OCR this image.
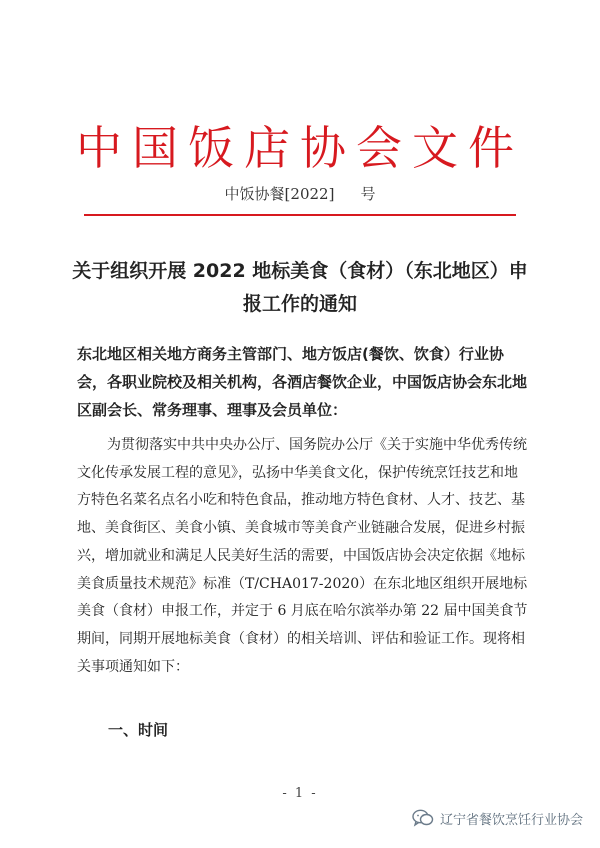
中国饭店协会文件
中饭协餐[2022] 号
关于组织开展 2022 地标美食（食材）（东北地区）申报工作的通知
东北地区相关地方商务主管部门、地方饭店(餐饮、饮食）行业协会，各职业院校及相关机构，各酒店餐饮企业，中国饭店协会东北地区副会长、常务理事、理事及会员单位：
为贯彻落实中共中央办公厅、国务院办公厅《关于实施中华优秀传统文化传承发展工程的意见》，弘扬中华美食文化，保护传统烹饪技艺和地方特色名菜名点名小吃和特色食品，推动地方特色食材、人才、技艺、基地、美食街区、美食小镇、美食城市等美食产业链融合发展，促进乡村振兴，增加就业和满足人民美好生活的需要，中国饭店协会决定依据《地标美食质量技术规范》标准（T/CHA017-2020）在东北地区组织开展地标美食（食材）申报工作，并定于 6 月底在哈尔滨举办第 22 届中国美食节期间，同期开展地标美食（食材）的相关培训、评估和验证工作。现将相关事项通知如下：
一、时间
- 1 -
辽宁省餐饮烹饪行业协会
